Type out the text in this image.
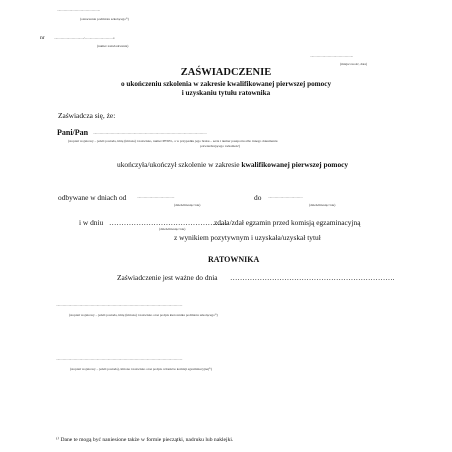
...................................................
(oznaczenie podmiotu szkolącego¹⁾)
nr	.................................../................................. r.
(numer zaświadczenia)
...................................................
(miejscowość, data)
ZAŚWIADCZENIE
o ukończeniu szkolenia w zakresie kwalifikowanej pierwszej pomocy
i uzyskaniu tytułu ratownika
Zaświadcza się, że:
Pani/Pan ......................................................................................................................................
(stopień wojskowy – jeżeli posiada, imię (imiona) i nazwisko, numer PESEL, a w przypadku jego braku – seria i numer paszportu albo innego dokumentu
potwierdzającego tożsamość)
ukończyła/ukończył szkolenie w zakresie kwalifikowanej pierwszej pomocy
odbywane w dniach od	............................................	do .........................................
(dzień/miesiąc/rok)	(dzień/miesiąc/rok)
i w dniu …………………………………………
zdała/zdał egzamin przed komisją egzaminacyjną
(dzień/miesiąc/rok)
z wynikiem pozytywnym i uzyskała/uzyskał tytuł
RATOWNIKA
Zaświadczenie jest ważne do dnia ………………………………………………………….
.....................................................................................................................................................
(stopień wojskowy – jeżeli posiada, imię (imiona) i nazwisko oraz podpis kierownika podmiotu szkolącego¹⁾)
.....................................................................................................................................................
(stopień wojskowy – jeżeli posiada), imiona i nazwisko oraz podpis członków komisji egzaminacyjnej¹⁾)
¹⁾ Dane te mogą być naniesione także w formie pieczątki, nadruku lub naklejki.
